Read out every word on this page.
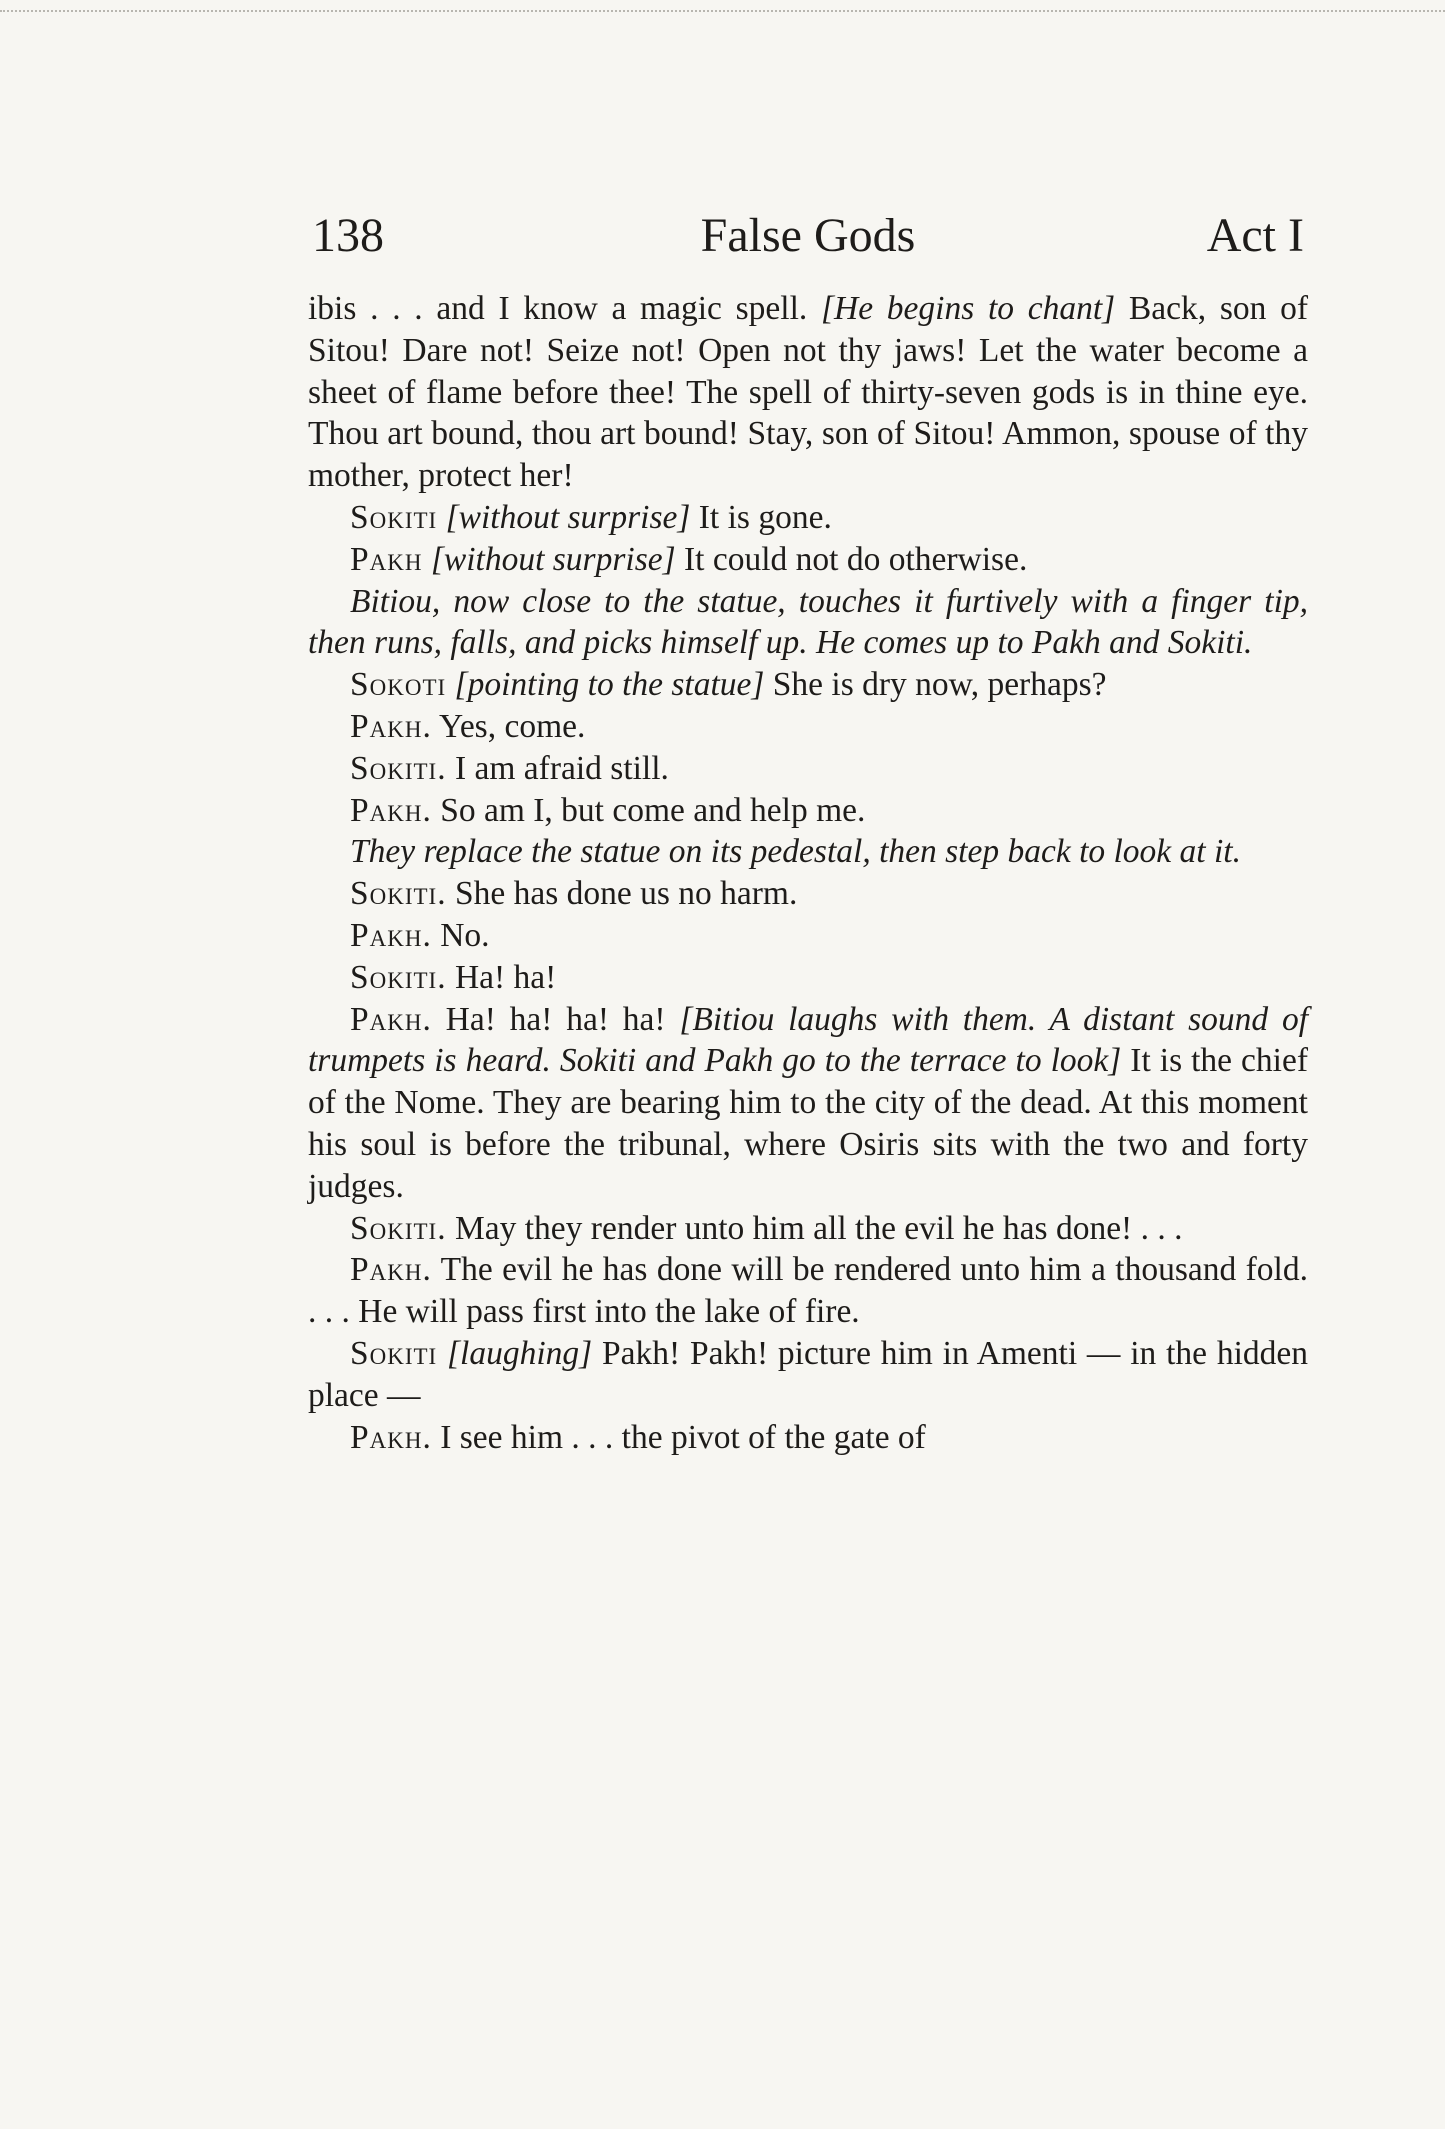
138	False Gods	Act I

ibis . . . and I know a magic spell. [He begins to chant] Back, son of Sitou! Dare not! Seize not! Open not thy jaws! Let the water become a sheet of flame before thee! The spell of thirty-seven gods is in thine eye. Thou art bound, thou art bound! Stay, son of Sitou! Ammon, spouse of thy mother, protect her!

Sokiti [without surprise] It is gone.

Pakh [without surprise] It could not do otherwise.

Bitiou, now close to the statue, touches it furtively with a finger tip, then runs, falls, and picks himself up. He comes up to Pakh and Sokiti.

Sokoti [pointing to the statue] She is dry now, perhaps?

Pakh. Yes, come.

Sokiti. I am afraid still.

Pakh. So am I, but come and help me.

They replace the statue on its pedestal, then step back to look at it.

Sokiti. She has done us no harm.

Pakh. No.

Sokiti. Ha! ha!

Pakh. Ha! ha! ha! ha! [Bitiou laughs with them. A distant sound of trumpets is heard. Sokiti and Pakh go to the terrace to look] It is the chief of the Nome. They are bearing him to the city of the dead. At this moment his soul is before the tribunal, where Osiris sits with the two and forty judges.

Sokiti. May they render unto him all the evil he has done! . . .

Pakh. The evil he has done will be rendered unto him a thousand fold. . . . He will pass first into the lake of fire.

Sokiti [laughing] Pakh! Pakh! picture him in Amenti — in the hidden place —

Pakh. I see him . . . the pivot of the gate of
